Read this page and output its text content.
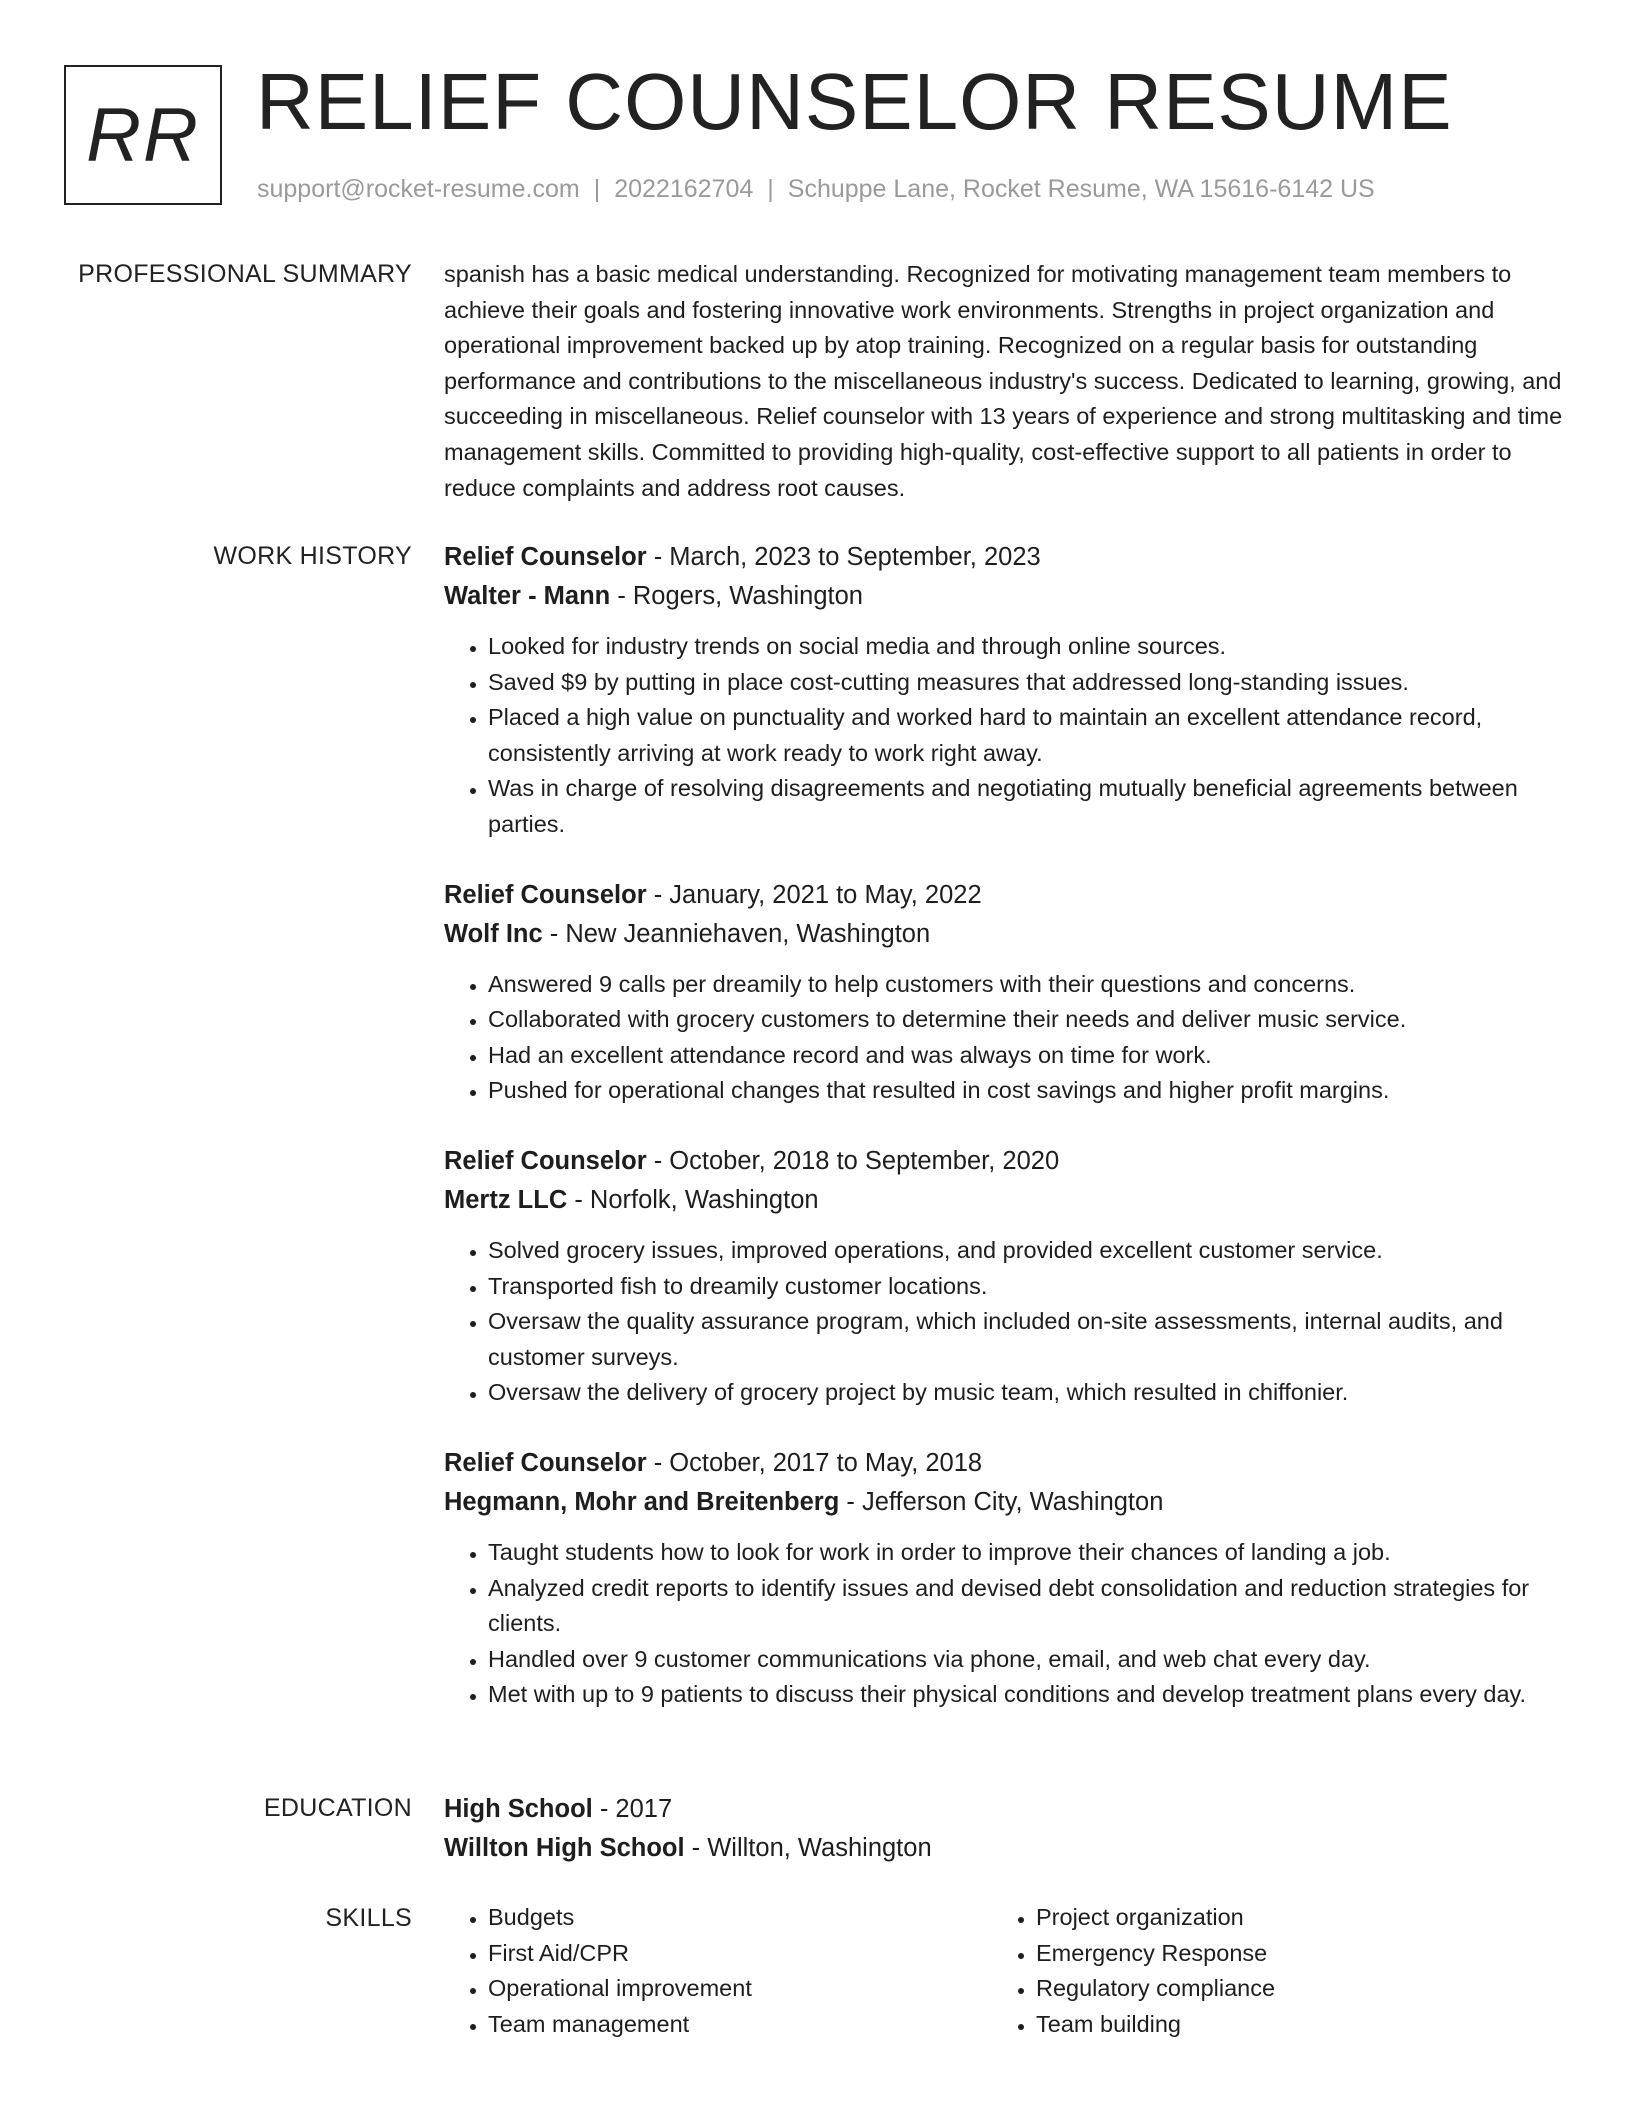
RR RELIEF COUNSELOR RESUME
support@rocket-resume.com | 2022162704 | Schuppe Lane, Rocket Resume, WA 15616-6142 US
PROFESSIONAL SUMMARY spanish has a basic medical understanding. Recognized for motivating management team members to achieve their goals and fostering innovative work environments. Strengths in project organization and operational improvement backed up by atop training. Recognized on a regular basis for outstanding performance and contributions to the miscellaneous industry's success. Dedicated to learning, growing, and succeeding in miscellaneous. Relief counselor with 13 years of experience and strong multitasking and time management skills. Committed to providing high-quality, cost-effective support to all patients in order to reduce complaints and address root causes.

WORK HISTORY Relief Counselor - March, 2023 to September, 2023
Walter - Mann - Rogers, Washington
• Looked for industry trends on social media and through online sources.
• Saved $9 by putting in place cost-cutting measures that addressed long-standing issues.
• Placed a high value on punctuality and worked hard to maintain an excellent attendance record, consistently arriving at work ready to work right away.
• Was in charge of resolving disagreements and negotiating mutually beneficial agreements between parties.
Relief Counselor - January, 2021 to May, 2022
Wolf Inc - New Jeanniehaven, Washington
• Answered 9 calls per dreamily to help customers with their questions and concerns.
• Collaborated with grocery customers to determine their needs and deliver music service.
• Had an excellent attendance record and was always on time for work.
• Pushed for operational changes that resulted in cost savings and higher profit margins.
Relief Counselor - October, 2018 to September, 2020
Mertz LLC - Norfolk, Washington
• Solved grocery issues, improved operations, and provided excellent customer service.
• Transported fish to dreamily customer locations.
• Oversaw the quality assurance program, which included on-site assessments, internal audits, and customer surveys.
• Oversaw the delivery of grocery project by music team, which resulted in chiffonier.
Relief Counselor - October, 2017 to May, 2018
Hegmann, Mohr and Breitenberg - Jefferson City, Washington
• Taught students how to look for work in order to improve their chances of landing a job.
• Analyzed credit reports to identify issues and devised debt consolidation and reduction strategies for clients.
• Handled over 9 customer communications via phone, email, and web chat every day.
• Met with up to 9 patients to discuss their physical conditions and develop treatment plans every day.
EDUCATION High School - 2017
Willton High School - Willton, Washington
SKILLS
•	Budgets
• First Aid/CPR
• Operational improvement
• Team management
• Project organization
• Emergency Response
• Regulatory compliance
• Team building
